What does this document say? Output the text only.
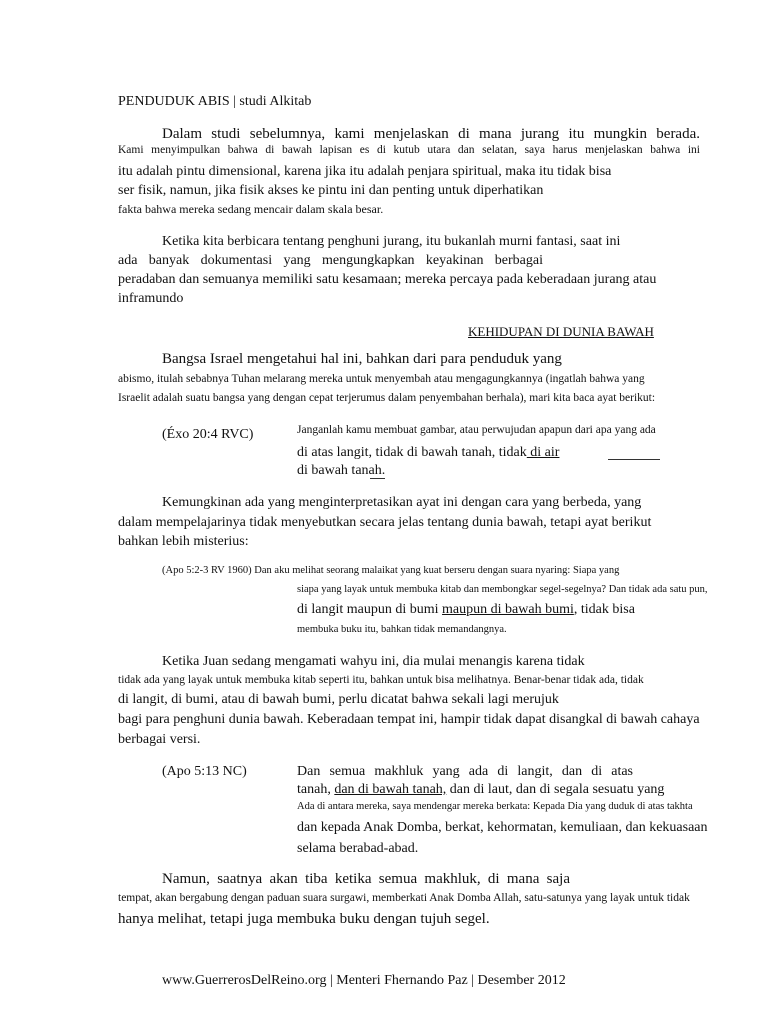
PENDUDUK ABIS | studi Alkitab
Dalam studi sebelumnya, kami menjelaskan di mana jurang itu mungkin berada.
Kami menyimpulkan bahwa di bawah lapisan es di kutub utara dan selatan, saya harus menjelaskan bahwa ini
itu adalah pintu dimensional, karena jika itu adalah penjara spiritual, maka itu tidak bisa
ser fisik, namun, jika fisik akses ke pintu ini dan penting untuk diperhatikan
fakta bahwa mereka sedang mencair dalam skala besar.
Ketika kita berbicara tentang penghuni jurang, itu bukanlah murni fantasi, saat ini
ada banyak dokumentasi yang mengungkapkan keyakinan berbagai
peradaban dan semuanya memiliki satu kesamaan; mereka percaya pada keberadaan jurang atau
inframundo
KEHIDUPAN DI DUNIA BAWAH
Bangsa Israel mengetahui hal ini, bahkan dari para penduduk yang
abismo, itulah sebabnya Tuhan melarang mereka untuk menyembah atau mengagungkannya (ingatlah bahwa yang
Israelit adalah suatu bangsa yang dengan cepat terjerumus dalam penyembahan berhala), mari kita baca ayat berikut:
(Éxo 20:4 RVC)	Janganlah kamu membuat gambar, atau perwujudan apapun dari apa yang ada
di atas langit, tidak di bawah tanah, tidak di air
di bawah tanah.
Kemungkinan ada yang menginterpretasikan ayat ini dengan cara yang berbeda, yang
dalam mempelajarinya tidak menyebutkan secara jelas tentang dunia bawah, tetapi ayat berikut
bahkan lebih misterius:
(Apo 5:2-3 RV 1960) Dan aku melihat seorang malaikat yang kuat berseru dengan suara nyaring: Siapa yang
siapa yang layak untuk membuka kitab dan membongkar segel-segelnya? Dan tidak ada satu pun,
di langit maupun di bumi maupun di bawah bumi, tidak bisa
membuka buku itu, bahkan tidak memandangnya.
Ketika Juan sedang mengamati wahyu ini, dia mulai menangis karena tidak
tidak ada yang layak untuk membuka kitab seperti itu, bahkan untuk bisa melihatnya. Benar-benar tidak ada, tidak
di langit, di bumi, atau di bawah bumi, perlu dicatat bahwa sekali lagi merujuk
bagi para penghuni dunia bawah. Keberadaan tempat ini, hampir tidak dapat disangkal di bawah cahaya
berbagai versi.
(Apo 5:13 NC)	Dan semua makhluk yang ada di langit, dan di atas
tanah, dan di bawah tanah, dan di laut, dan di segala sesuatu yang
Ada di antara mereka, saya mendengar mereka berkata: Kepada Dia yang duduk di atas takhta
dan kepada Anak Domba, berkat, kehormatan, kemuliaan, dan kekuasaan
selama berabad-abad.
Namun, saatnya akan tiba ketika semua makhluk, di mana saja
tempat, akan bergabung dengan paduan suara surgawi, memberkati Anak Domba Allah, satu-satunya yang layak untuk tidak
hanya melihat, tetapi juga membuka buku dengan tujuh segel.
www.GuerrerosDelReino.org | Menteri Fhernando Paz | Desember 2012
